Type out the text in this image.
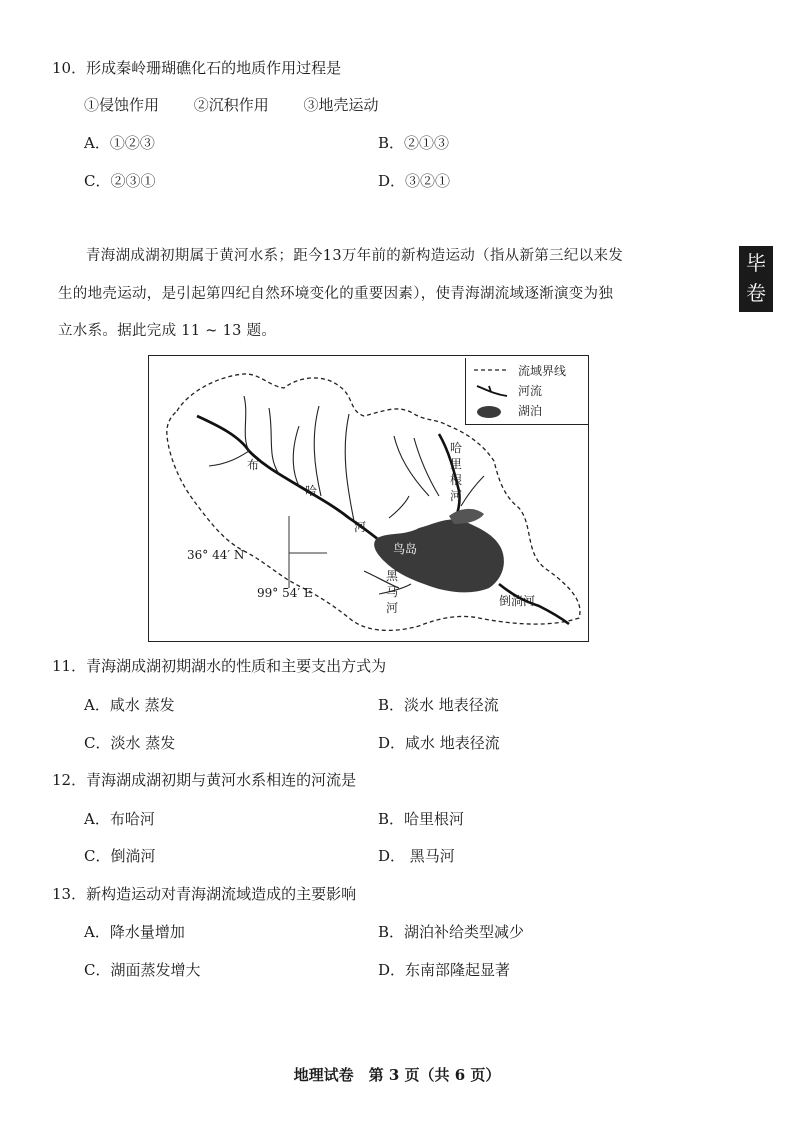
10．形成秦岭珊瑚礁化石的地质作用过程是
①侵蚀作用 　　②沉积作用 　　③地壳运动
A．①②③	B．②①③
C．②③①	D．③②①
青海湖成湖初期属于黄河水系；距今13万年前的新构造运动（指从新第三纪以来发
生的地壳运动，是引起第四纪自然环境变化的重要因素），使青海湖流域逐渐演变为独
立水系。据此完成 11 ~ 13 题。
毕
卷
流域界线
河流
湖泊
布
哈
河
哈里根河
鸟岛
黑马河	倒淌河
36° 44′ N
99° 54′ E
11．青海湖成湖初期湖水的性质和主要支出方式为
A．咸水 蒸发	B．淡水 地表径流
C．淡水 蒸发	D．咸水 地表径流
12．青海湖成湖初期与黄河水系相连的河流是
A．布哈河	B．哈里根河
C．倒淌河	D． 黑马河
13．新构造运动对青海湖流域造成的主要影响
A．降水量增加	B．湖泊补给类型减少
C．湖面蒸发增大	D．东南部隆起显著
地理试卷　第 3 页（共 6 页）
